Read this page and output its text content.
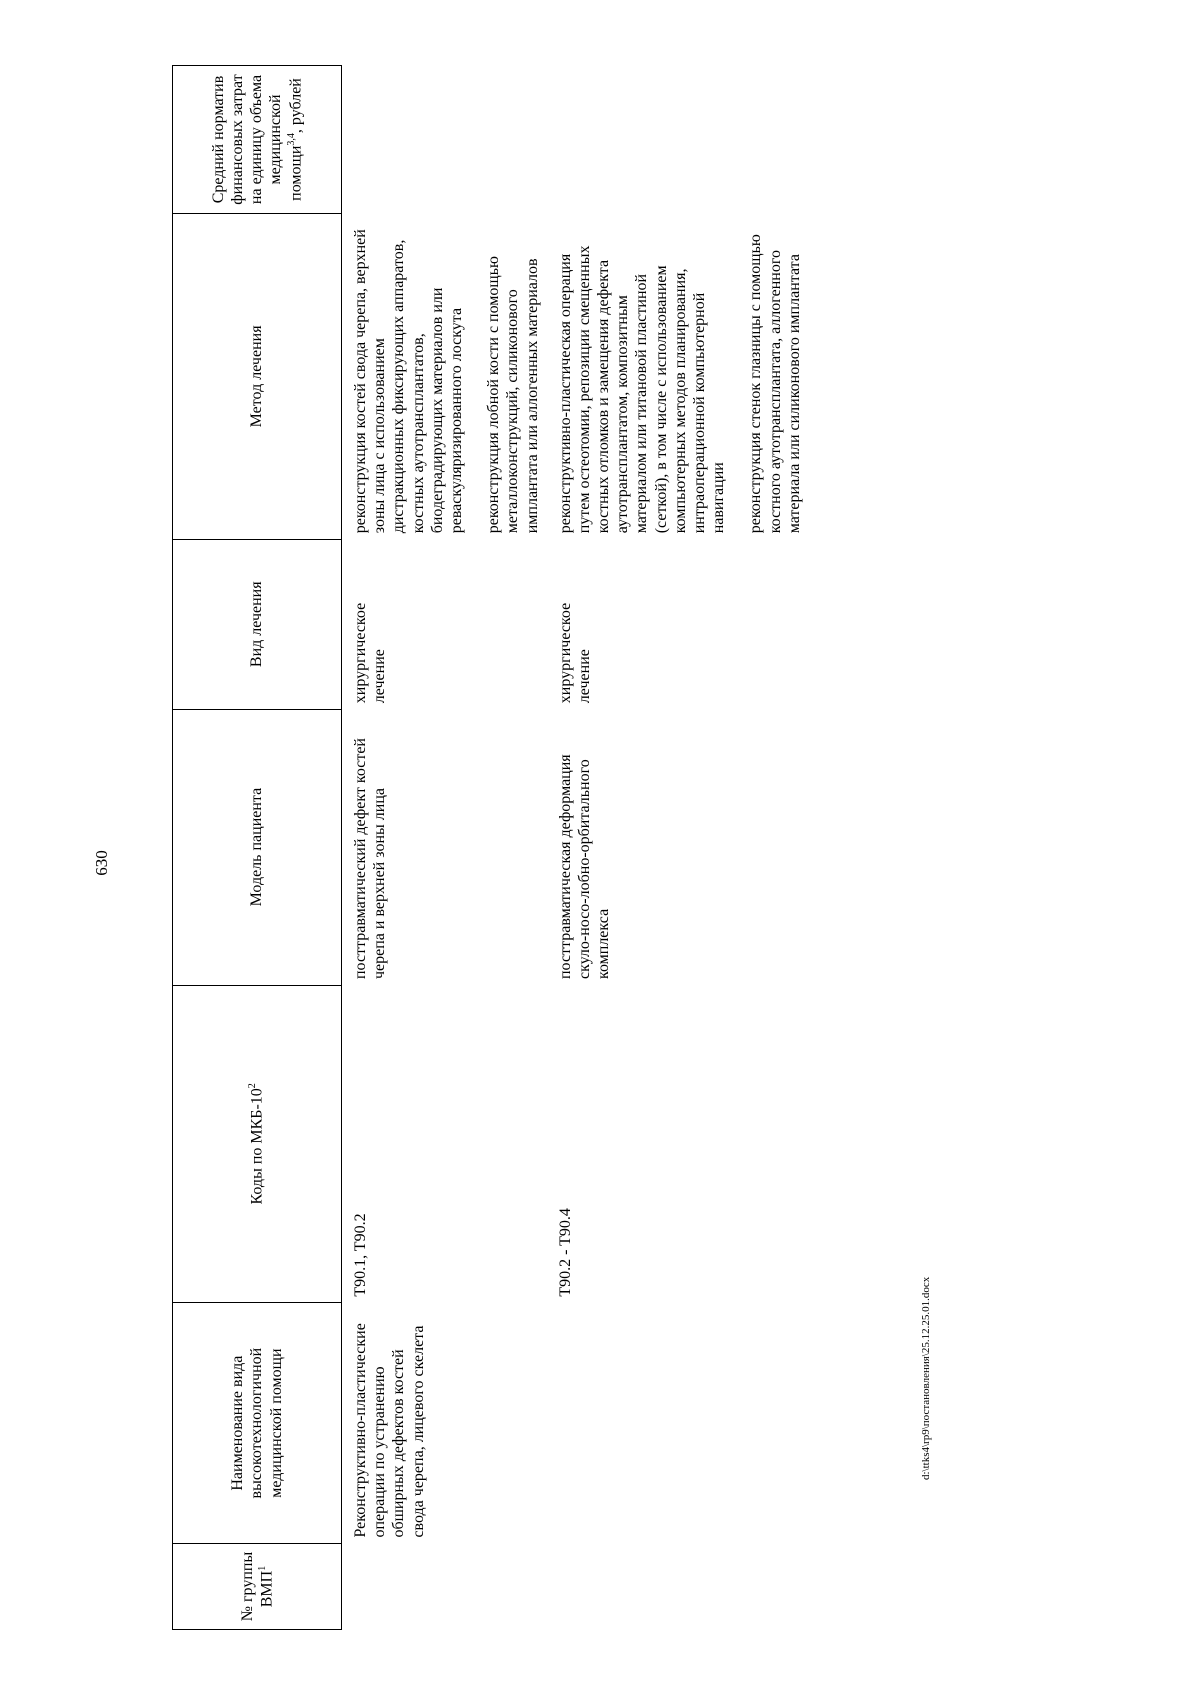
630
№ группы ВМП$^1$	Наименование вида высокотехнологичной медицинской помощи	Коды по МКБ-$10^2$	Модель пациента	Вид лечения	Метод лечения	Средний норматив финансовых затрат на единицу объема медицинской помощи$^{3,4}$, рублей
	Реконструктивно-пластические операции по устранению обширных дефектов костей свода черепа, лицевого скелета	T90.1, T90.2	посттравматический дефект костей черепа и верхней зоны лица	хирургическое лечение	реконструкция костей свода черепа, верхней зоны лица с использованием дистракционных фиксирующих аппаратов, костных аутотрансплантатов, биодеградирующих материалов или реваскуляризированного лоскута реконструкция лобной кости с помощью металлоконструкций, силиконового имплантата или аллогенных материалов	

		T90.2 - T90.4	посттравматическая деформация скуло-носо-лобно-орбитального комплекса	хирургическое лечение	реконструктивно-пластическая операция путем остеотомии, репозиции смещенных костных отломков и замещения дефекта аутотрансплантатом, композитным материалом или титановой пластиной (сеткой), в том числе с использованием компьютерных методов планирования, интраоперационной компьютерной навигации реконструкция стенок глазницы с помощью костного аутотрансплантата, аллогенного материала или силиконового имплантата	

d:\ttks4\rp9\постановления\25.12.25.01.docx
